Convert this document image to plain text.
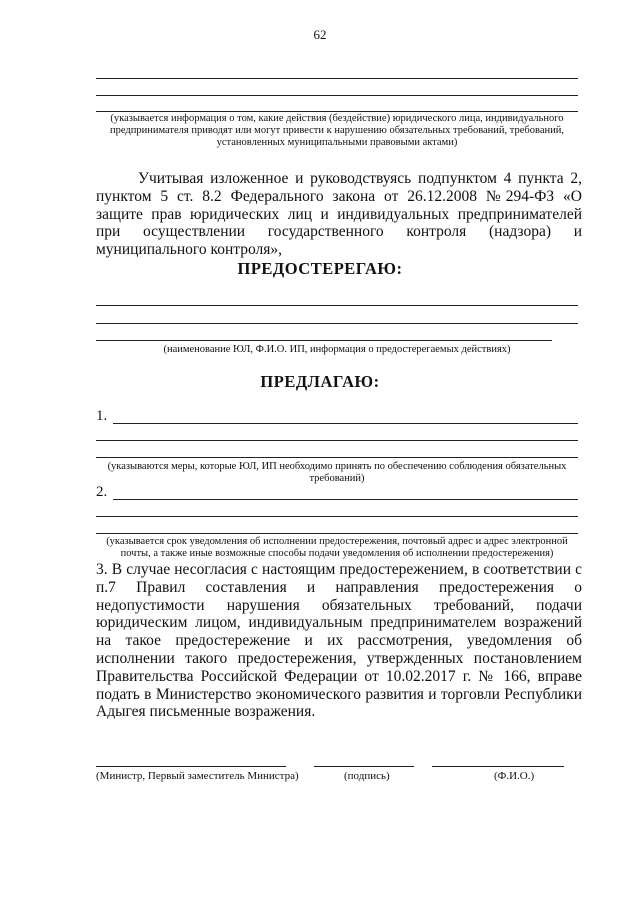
62
(указывается информация о том, какие действия (бездействие) юридического лица, индивидуального предпринимателя приводят или могут привести к нарушению обязательных требований, требований, установленных муниципальными правовыми актами)
Учитывая изложенное и руководствуясь подпунктом 4 пункта 2, пунктом 5 ст. 8.2 Федерального закона от 26.12.2008 №294-ФЗ «О защите прав юридических лиц и индивидуальных предпринимателей при осуществлении государственного контроля (надзора) и муниципального контроля»,
ПРЕДОСТЕРЕГАЮ:
(наименование ЮЛ, Ф.И.О. ИП, информация о предостерегаемых действиях)
ПРЕДЛАГАЮ:
1.
(указываются меры, которые ЮЛ, ИП необходимо принять по обеспечению соблюдения обязательных требований)
2.
(указывается срок уведомления об исполнении предостережения, почтовый адрес и адрес электронной почты, а также иные возможные способы подачи уведомления об исполнении предостережения)
3. В случае несогласия с настоящим предостережением, в соответствии с п.7 Правил составления и направления предостережения о недопустимости нарушения обязательных требований, подачи юридическим лицом, индивидуальным предпринимателем возражений на такое предостережение и их рассмотрения, уведомления об исполнении такого предостережения, утвержденных постановлением Правительства Российской Федерации от 10.02.2017 г. № 166, вправе подать в Министерство экономического развития и торговли Республики Адыгея письменные возражения.
(Министр, Первый заместитель Министра)	(подпись)	(Ф.И.О.)
